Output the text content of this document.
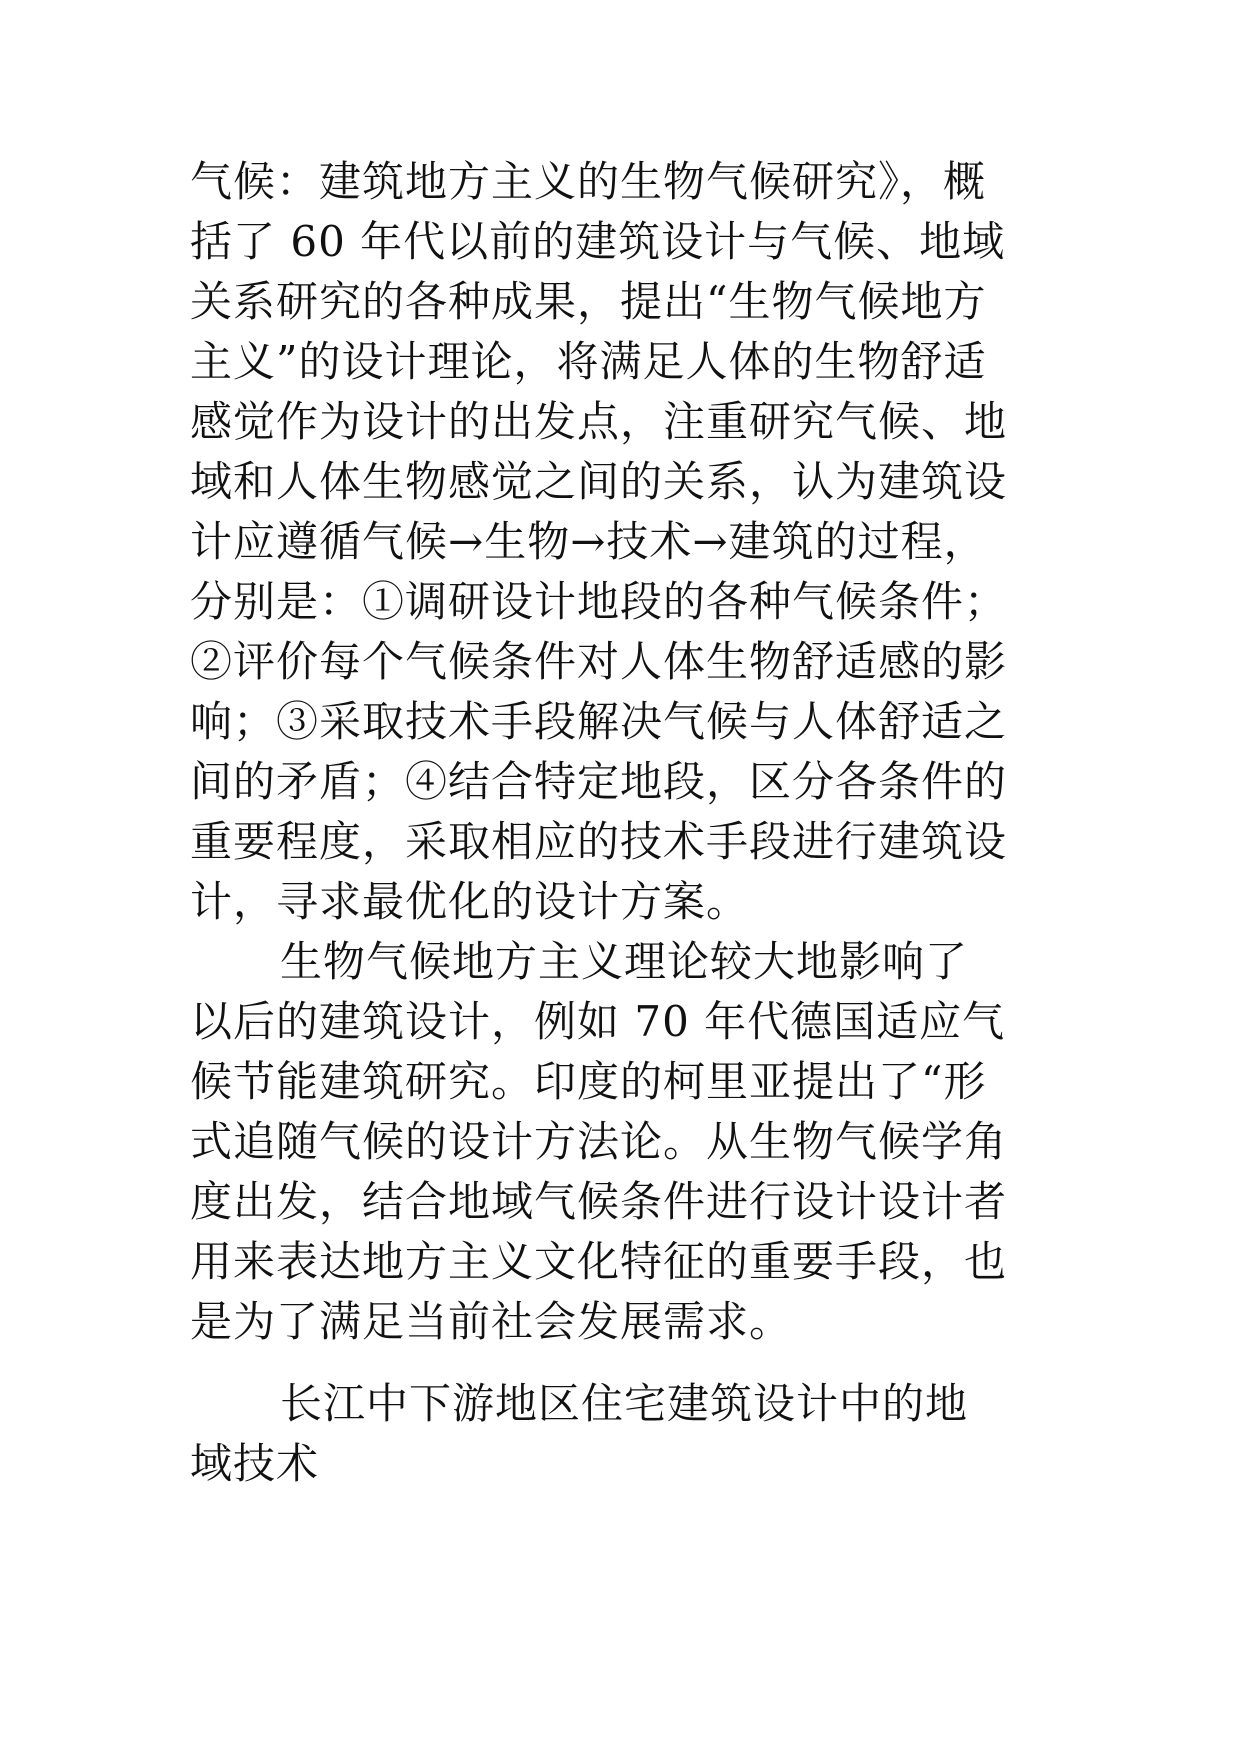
气候：建筑地方主义的生物气候研究》，概
括了 60 年代以前的建筑设计与气候、地域
关系研究的各种成果，提出“生物气候地方
主义”的设计理论，将满足人体的生物舒适
感觉作为设计的出发点，注重研究气候、地
域和人体生物感觉之间的关系，认为建筑设
计应遵循气候→生物→技术→建筑的过程，
分别是：①调研设计地段的各种气候条件；
②评价每个气候条件对人体生物舒适感的影
响；③采取技术手段解决气候与人体舒适之
间的矛盾；④结合特定地段，区分各条件的
重要程度，采取相应的技术手段进行建筑设
计，寻求最优化的设计方案。
生物气候地方主义理论较大地影响了
以后的建筑设计，例如 70 年代德国适应气
候节能建筑研究。印度的柯里亚提出了“形
式追随气候的设计方法论。从生物气候学角
度出发，结合地域气候条件进行设计设计者
用来表达地方主义文化特征的重要手段，也
是为了满足当前社会发展需求。
长江中下游地区住宅建筑设计中的地
域技术
